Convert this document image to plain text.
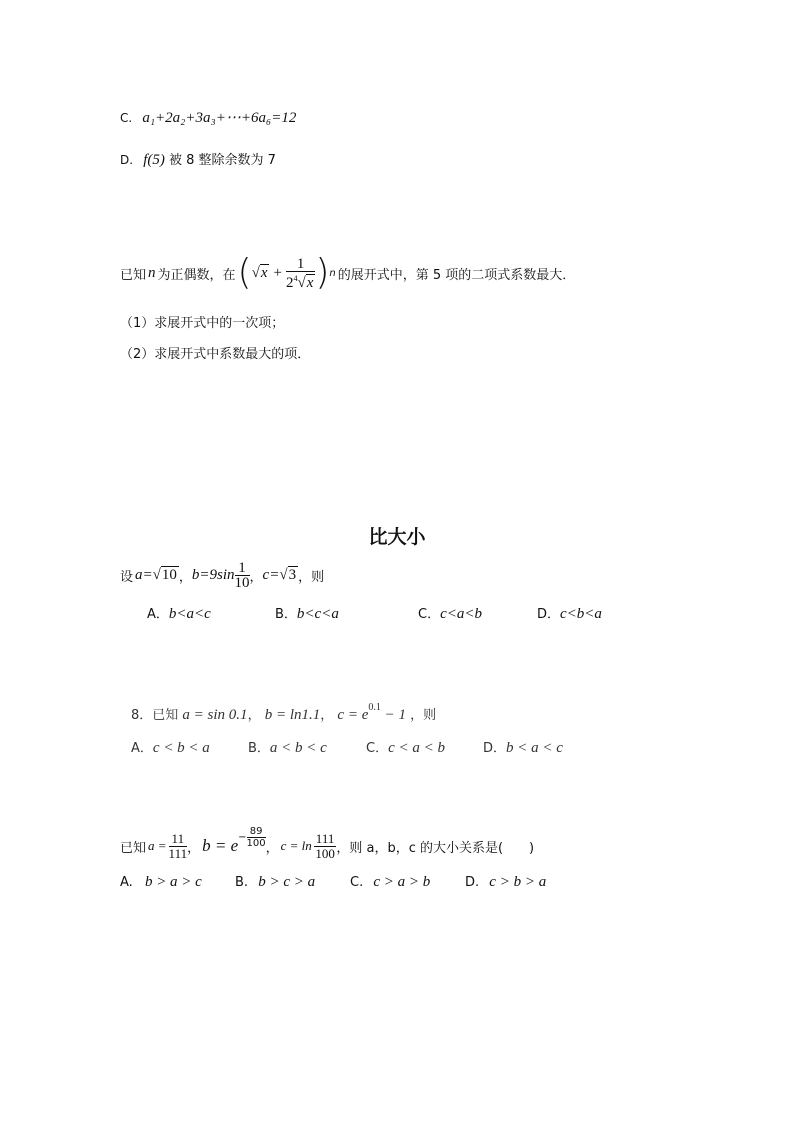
C. a₁+2a₂+3a₃+⋯+6a₆=12
D. f(5) 被 8 整除余数为 7
已知 n 为正偶数，在 ( $√x + \frac{1}{2^4√x}$ ) n 的展开式中，第 5 项的二项式系数最大．
（1）求展开式中的一次项；
（2）求展开式中系数最大的项．
比大小
设 a= √10 ， $b=9\sin \frac{1}{10}$ ， c= √3 ，则
A．b<a<c	B．b<c<a	C．c<a<b	D．c<b<a
8．已知 a = sin 0.1， b = ln1.1， $c = e^{0.1} - 1$ ，则
A．c < b < a	B．a < b < c	C．c < a < b	D．b < a < c
已知 $a = \frac{11}{111}$ ， $b = e - \frac{89}{100}$ ， $c = \ln \frac{111}{100}$ ，则 a，b，c 的大小关系是(　　)
A. b > a > c	B. b > c > a	C. c > a > b	D. c > b > a
